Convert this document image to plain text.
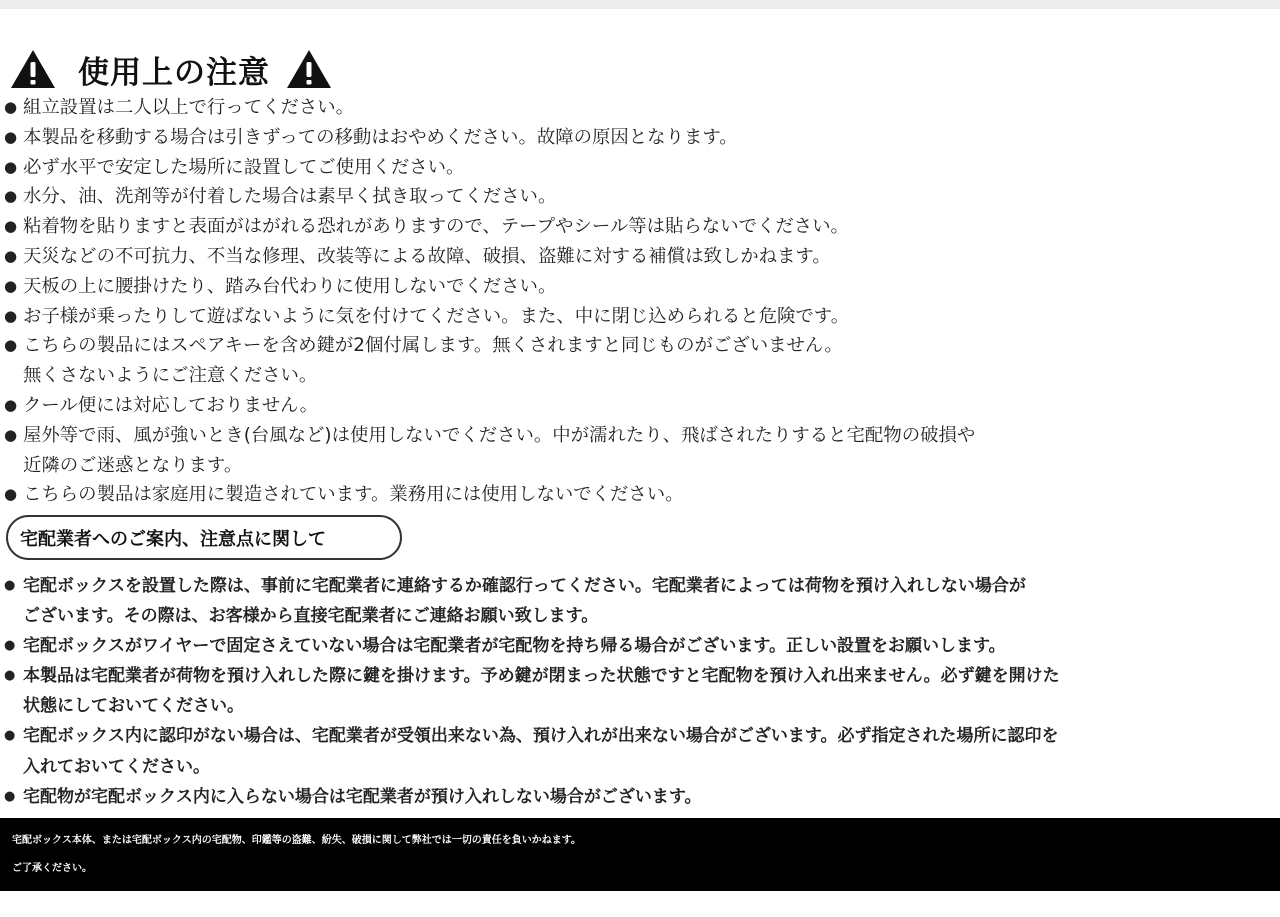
使用上の注意
● 組立設置は二人以上で行ってください。
● 本製品を移動する場合は引きずっての移動はおやめください。故障の原因となります。
● 必ず水平で安定した場所に設置してご使用ください。
● 水分、油、洗剤等が付着した場合は素早く拭き取ってください。
● 粘着物を貼りますと表面がはがれる恐れがありますので、テープやシール等は貼らないでください。
● 天災などの不可抗力、不当な修理、改装等による故障、破損、盗難に対する補償は致しかねます。
● 天板の上に腰掛けたり、踏み台代わりに使用しないでください。
● お子様が乗ったりして遊ばないように気を付けてください。また、中に閉じ込められると危険です。
● こちらの製品にはスペアキーを含め鍵が2個付属します。無くされますと同じものがございません。
無くさないようにご注意ください。
● クール便には対応しておりません。
● 屋外等で雨、風が強いとき(台風など)は使用しないでください。中が濡れたり、飛ばされたりすると宅配物の破損や
近隣のご迷惑となります。
● こちらの製品は家庭用に製造されています。業務用には使用しないでください。
宅配業者へのご案内、注意点に関して
● 宅配ボックスを設置した際は、事前に宅配業者に連絡するか確認行ってください。宅配業者によっては荷物を預け入れしない場合が
ございます。その際は、お客様から直接宅配業者にご連絡お願い致します。
● 宅配ボックスがワイヤーで固定さえていない場合は宅配業者が宅配物を持ち帰る場合がございます。正しい設置をお願いします。
● 本製品は宅配業者が荷物を預け入れした際に鍵を掛けます。予め鍵が閉まった状態ですと宅配物を預け入れ出来ません。必ず鍵を開けた
状態にしておいてください。
● 宅配ボックス内に認印がない場合は、宅配業者が受領出来ない為、預け入れが出来ない場合がございます。必ず指定された場所に認印を
入れておいてください。
● 宅配物が宅配ボックス内に入らない場合は宅配業者が預け入れしない場合がございます。
宅配ボックス本体、または宅配ボックス内の宅配物、印鑑等の盗難、紛失、破損に関して弊社では一切の責任を負いかねます。
ご了承ください。
